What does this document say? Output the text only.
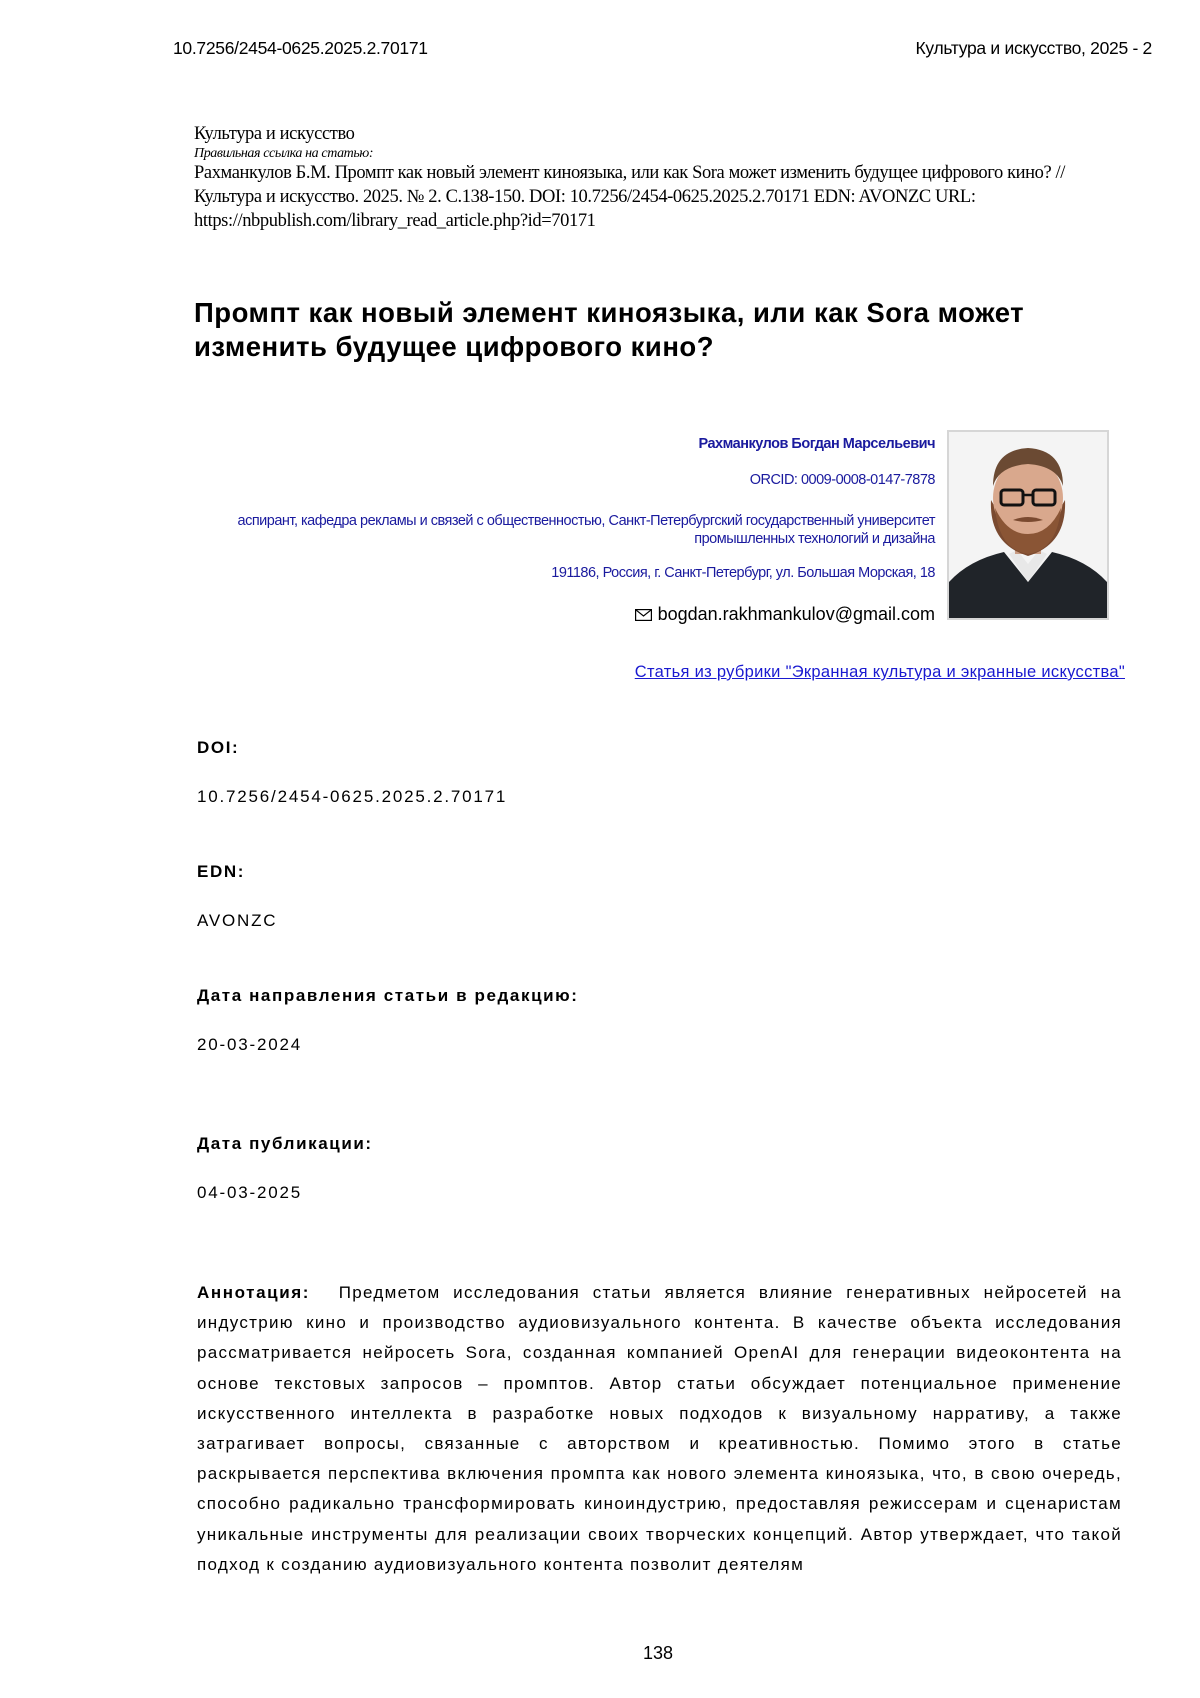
10.7256/2454-0625.2025.2.70171	Культура и искусство, 2025 - 2
Культура и искусство
Правильная ссылка на статью:
Рахманкулов Б.М. Промпт как новый элемент киноязыка, или как Sora может изменить будущее цифрового кино? // Культура и искусство. 2025. № 2. С.138-150. DOI: 10.7256/2454-0625.2025.2.70171 EDN: AVONZC URL: https://nbpublish.com/library_read_article.php?id=70171
Промпт как новый элемент киноязыка, или как Sora может изменить будущее цифрового кино?
Рахманкулов Богдан Марсельевич
ORCID: 0009-0008-0147-7878
аспирант, кафедра рекламы и связей с общественностью, Санкт-Петербургский государственный университет промышленных технологий и дизайна
191186, Россия, г. Санкт-Петербург, ул. Большая Морская, 18
bogdan.rakhmankulov@gmail.com
Статья из рубрики "Экранная культура и экранные искусства"
DOI:
10.7256/2454-0625.2025.2.70171
EDN:
AVONZC
Дата направления статьи в редакцию:
20-03-2024
Дата публикации:
04-03-2025
Аннотация: Предметом исследования статьи является влияние генеративных нейросетей на индустрию кино и производство аудиовизуального контента. В качестве объекта исследования рассматривается нейросеть Sora, созданная компанией OpenAI для генерации видеоконтента на основе текстовых запросов – промптов. Автор статьи обсуждает потенциальное применение искусственного интеллекта в разработке новых подходов к визуальному нарративу, а также затрагивает вопросы, связанные с авторством и креативностью. Помимо этого в статье раскрывается перспектива включения промпта как нового элемента киноязыка, что, в свою очередь, способно радикально трансформировать киноиндустрию, предоставляя режиссерам и сценаристам уникальные инструменты для реализации своих творческих концепций. Автор утверждает, что такой подход к созданию аудиовизуального контента позволит деятелям
138
